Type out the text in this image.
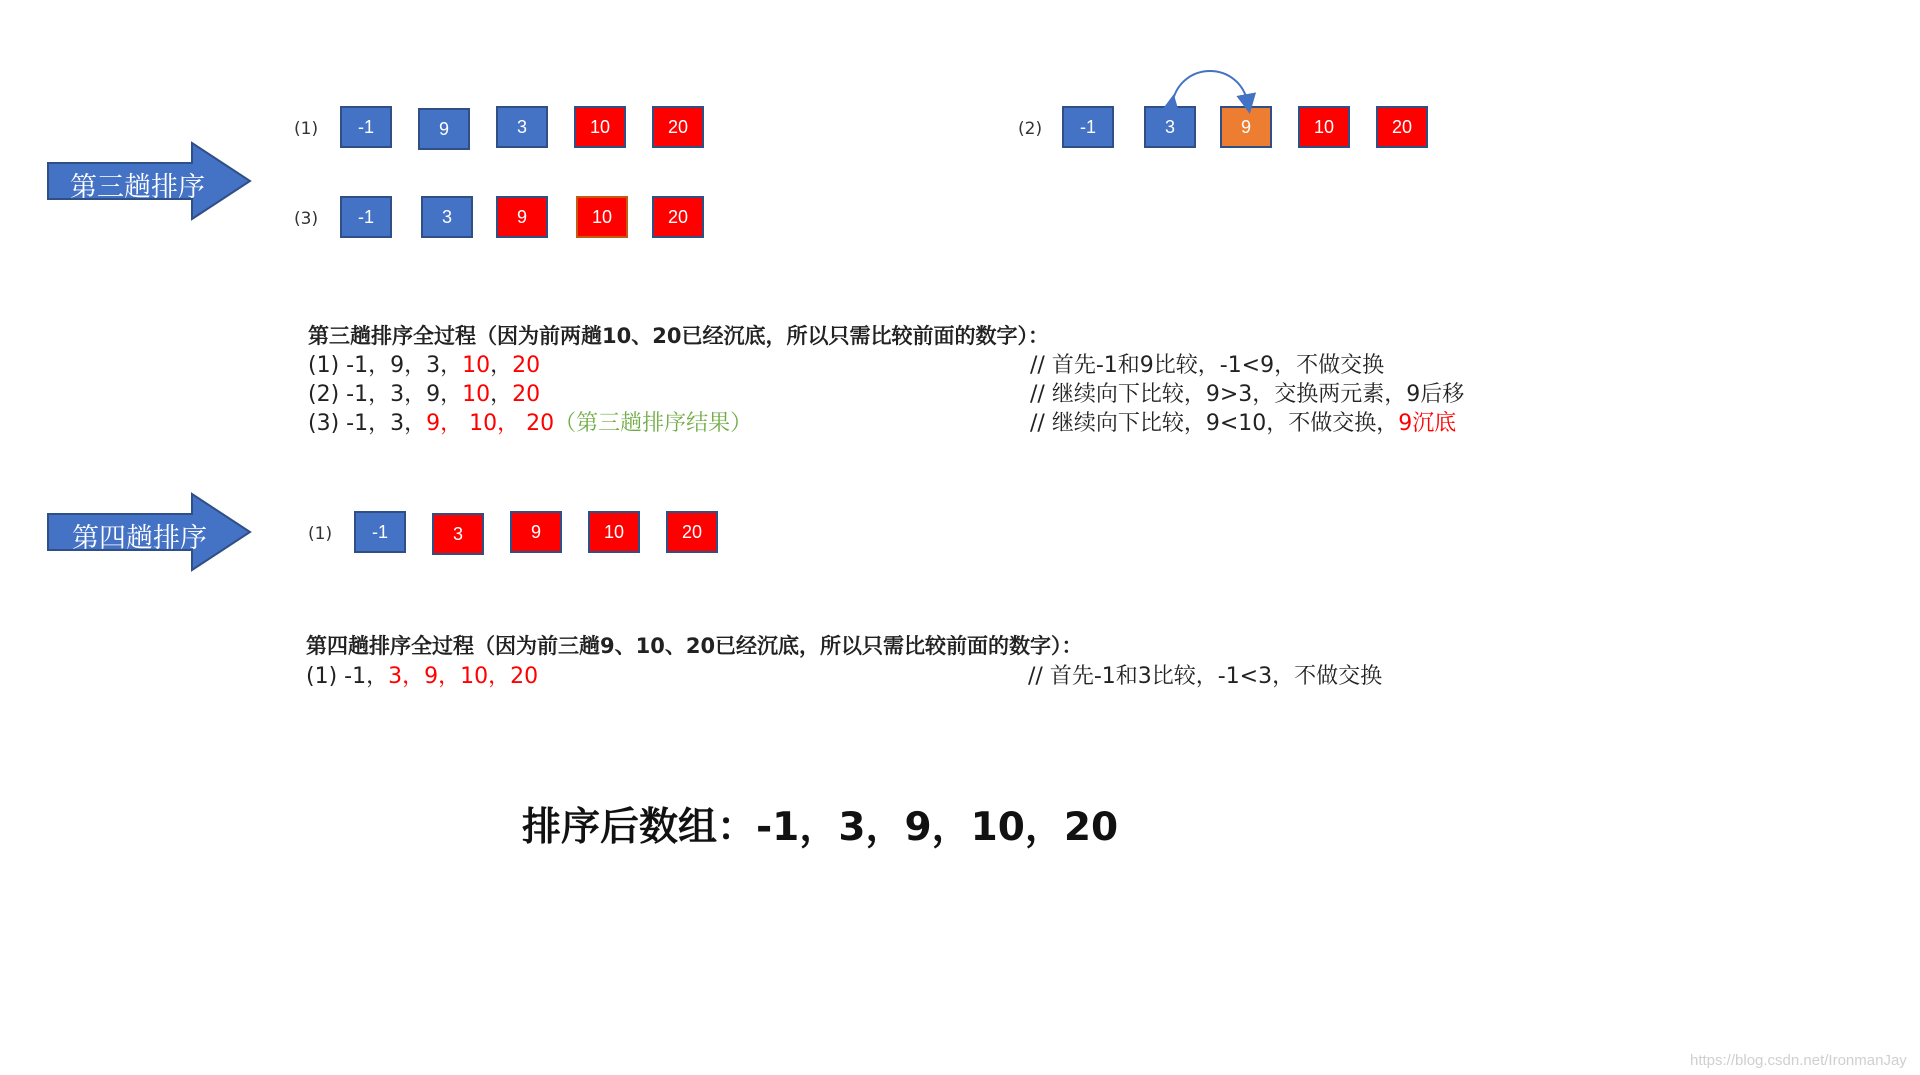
第三趟排序
(1)	-1	9	3	10	20	(2)	-1	3	9	10	20
(3)	-1	3	9	10	20
第三趟排序全过程（因为前两趟10、20已经沉底，所以只需比较前面的数字）：
(1) -1，9，3，10，20	// 首先-1和9比较，-1<9，不做交换
(2) -1，3，9，10，20	// 继续向下比较，9>3，交换两元素，9后移
(3) -1，3，9， 10， 20（第三趟排序结果）	// 继续向下比较，9<10，不做交换，9沉底
第四趟排序	(1)	-1	3	9	10	20
第四趟排序全过程（因为前三趟9、10、20已经沉底，所以只需比较前面的数字）：
(1) -1，3，9，10，20	// 首先-1和3比较，-1<3，不做交换
排序后数组：-1，3，9，10，20
https://blog.csdn.net/IronmanJay
